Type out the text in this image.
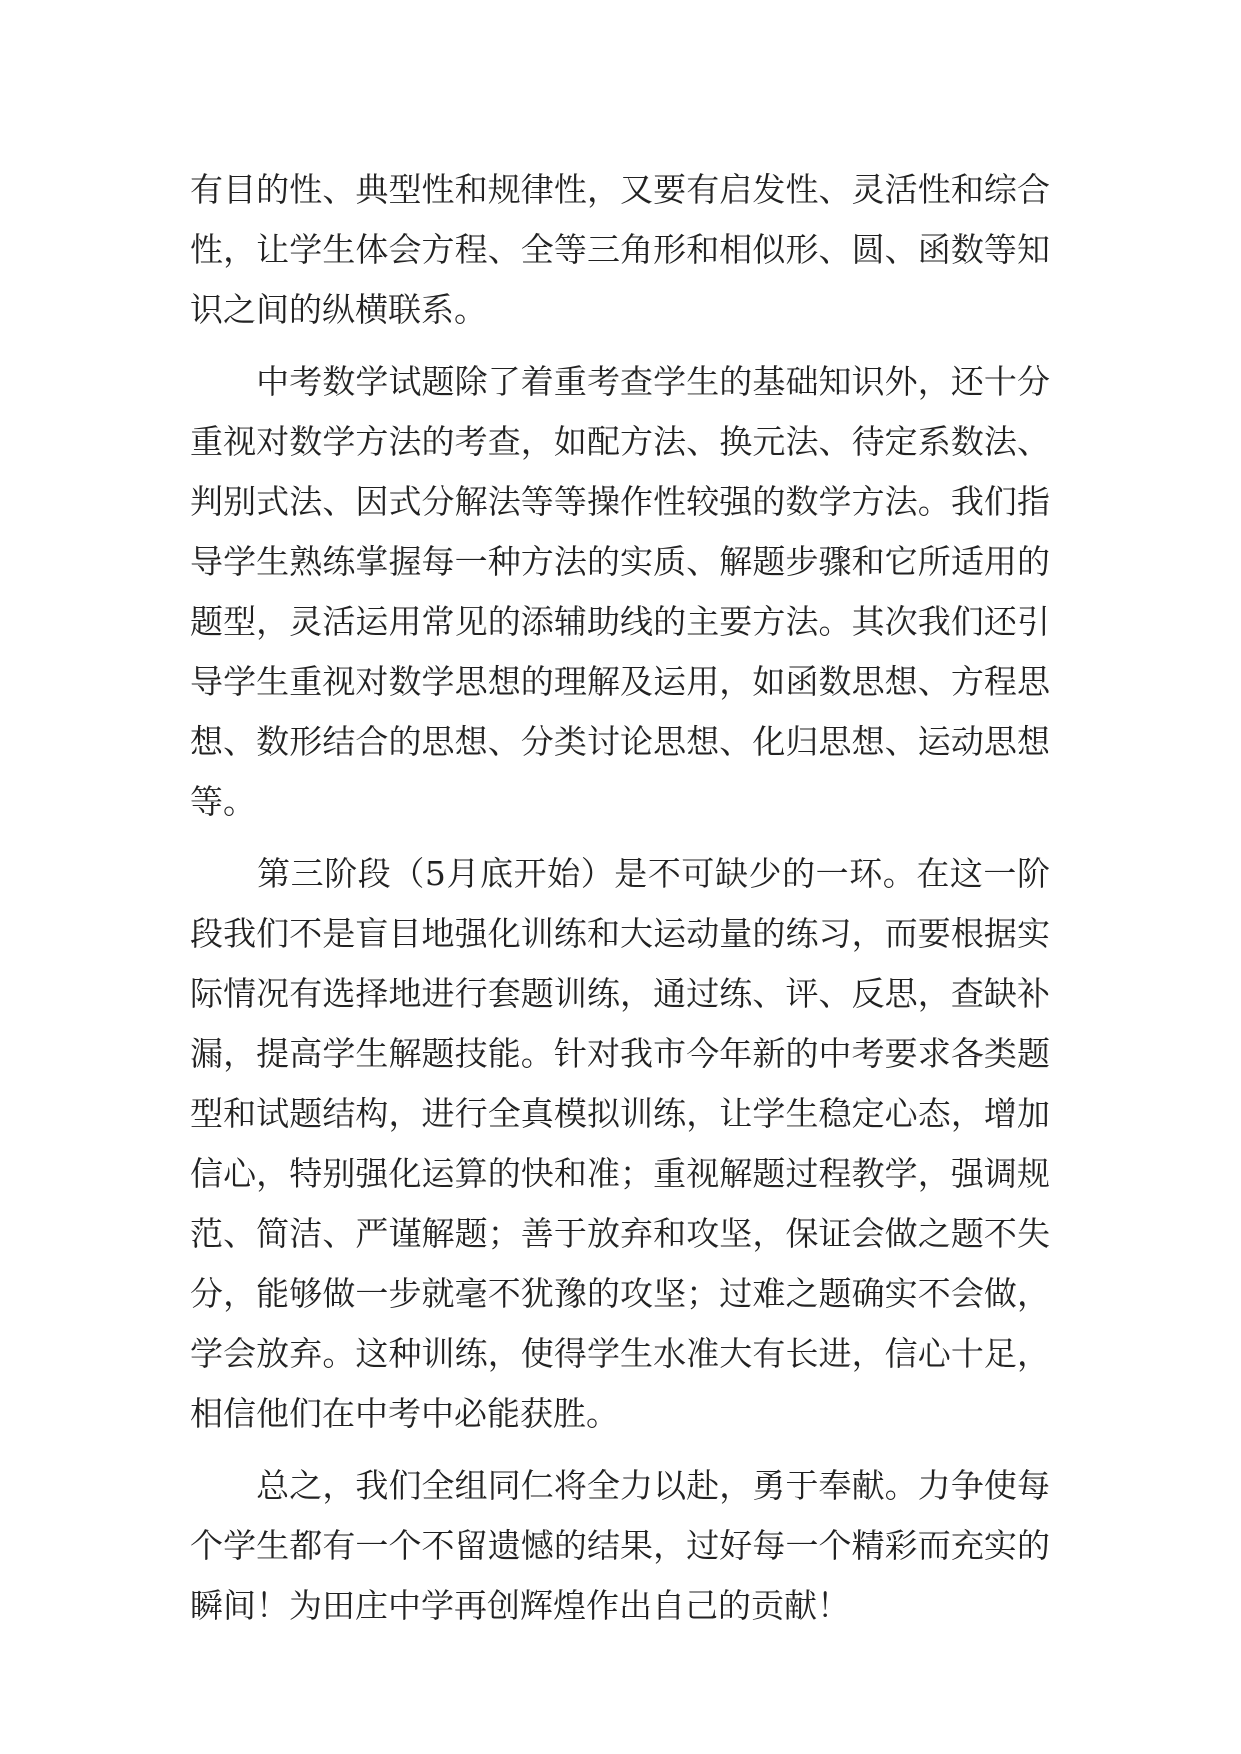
有目的性、典型性和规律性，又要有启发性、灵活性和综合
性，让学生体会方程、全等三角形和相似形、圆、函数等知
识之间的纵横联系。
　　中考数学试题除了着重考查学生的基础知识外，还十分
重视对数学方法的考查，如配方法、换元法、待定系数法、
判别式法、因式分解法等等操作性较强的数学方法。我们指
导学生熟练掌握每一种方法的实质、解题步骤和它所适用的
题型，灵活运用常见的添辅助线的主要方法。其次我们还引
导学生重视对数学思想的理解及运用，如函数思想、方程思
想、数形结合的思想、分类讨论思想、化归思想、运动思想
等。
　　第三阶段（5月底开始）是不可缺少的一环。在这一阶
段我们不是盲目地强化训练和大运动量的练习，而要根据实
际情况有选择地进行套题训练，通过练、评、反思，查缺补
漏，提高学生解题技能。针对我市今年新的中考要求各类题
型和试题结构，进行全真模拟训练，让学生稳定心态，增加
信心，特别强化运算的快和准；重视解题过程教学，强调规
范、简洁、严谨解题；善于放弃和攻坚，保证会做之题不失
分，能够做一步就毫不犹豫的攻坚；过难之题确实不会做，
学会放弃。这种训练，使得学生水准大有长进，信心十足，
相信他们在中考中必能获胜。
　　总之，我们全组同仁将全力以赴，勇于奉献。力争使每
个学生都有一个不留遗憾的结果，过好每一个精彩而充实的
瞬间！为田庄中学再创辉煌作出自己的贡献！
